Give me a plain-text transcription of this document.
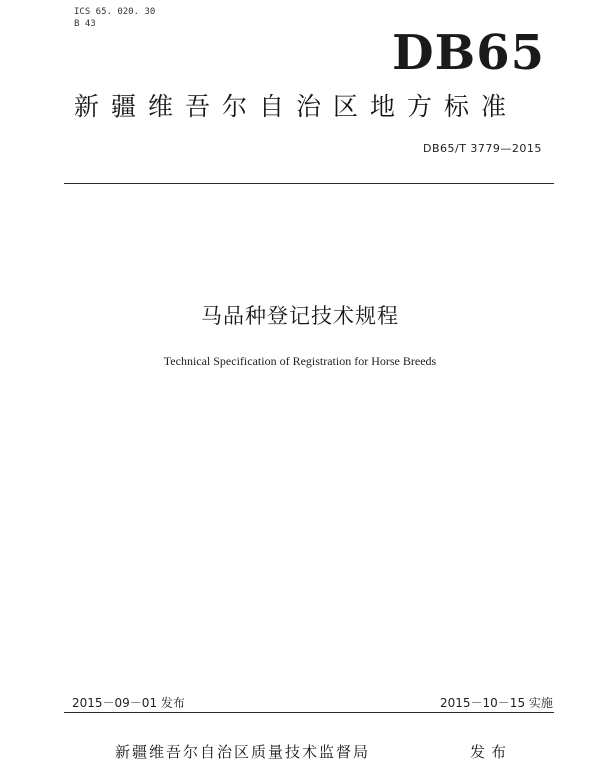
ICS 65. 020. 30
B 43
DB65
新疆维吾尔自治区地方标准
DB65/T 3779—2015
马品种登记技术规程
Technical Specification of Registration for Horse Breeds
2015－09－01 发布	2015－10－15 实施
新疆维吾尔自治区质量技术监督局	发布
